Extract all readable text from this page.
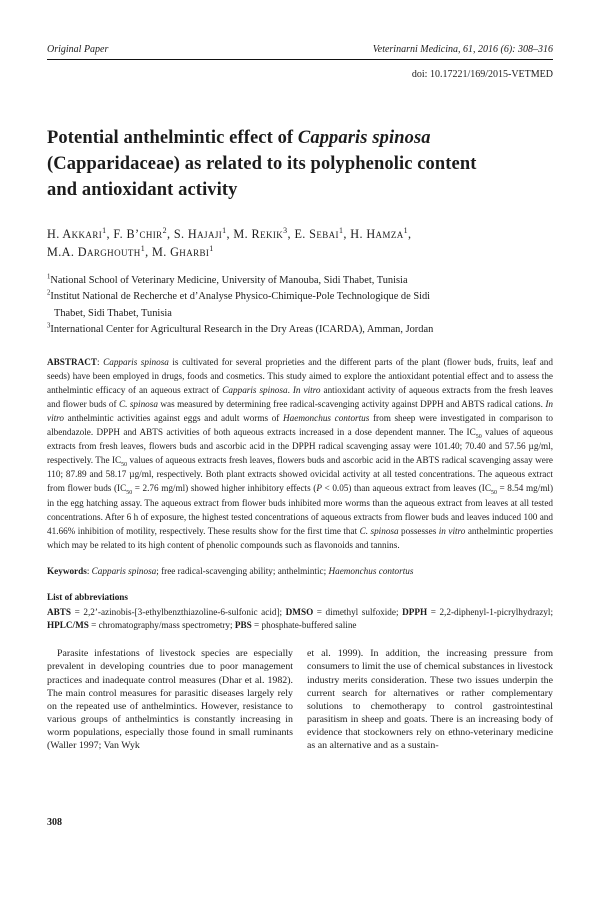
Original Paper	Veterinarni Medicina, 61, 2016 (6): 308–316
doi: 10.17221/169/2015-VETMED
Potential anthelmintic effect of Capparis spinosa
(Capparidaceae) as related to its polyphenolic content
and antioxidant activity

H. Akkari$^1$, F. B’chir$^2$, S. Hajaji$^1$, M. Rekik$^3$, E. Sebai$^1$, H. Hamza$^1$,
M.A. Darghouth$^1$, M. Gharbi$^1$

$^1$National School of Veterinary Medicine, University of Manouba, Sidi Thabet, Tunisia

$^2$Institut National de Recherche et d’Analyse Physico-Chimique-Pole Technologique de Sidi
Thabet, Sidi Thabet, Tunisia

$^3$International Center for Agricultural Research in the Dry Areas (ICARDA), Amman, Jordan

ABSTRACT: Capparis spinosa is cultivated for several proprieties and the different parts of the plant (flower buds, fruits, leaf and seeds) have been employed in drugs, foods and cosmetics. This study aimed to explore the antioxidant potential effect and to assess the anthelmintic efficacy of an aqueous extract of Capparis spinosa. In vitro antioxidant activity of aqueous extracts from the fresh leaves and flower buds of C. spinosa was measured by determining free radical-scavenging activity against DPPH and ABTS radical cations. In vitro anthelmintic activities against eggs and adult worms of Haemonchus contortus from sheep were investigated in comparison to albendazole. DPPH and ABTS activities of both aqueous extracts increased in a dose dependent manner. The $IC_{50}$ values of aqueous extracts from fresh leaves, flowers buds and ascorbic acid in the DPPH radical scavenging assay were 101.40; 70.40 and 57.56 µg/ml, respectively. The $IC_{50}$ values of aqueous extracts fresh leaves, flowers buds and ascorbic acid in the ABTS radical scavenging assay were 110; 87.89 and 58.17 µg/ml, respectively. Both plant extracts showed ovicidal activity at all tested concentrations. The aqueous extract from flower buds ($IC_{50} = 2.76$ mg/ml) showed higher inhibitory effects (P < 0.05) than aqueous extract from leaves ($IC_{50} = 8.54$ mg/ml) in the egg hatching assay. The aqueous extract from flower buds inhibited more worms than the aqueous extract from leaves at all tested concentrations. After 6 h of exposure, the highest tested concentrations of aqueous extracts from flower buds and leaves induced 100 and 41.66% inhibition of motility, respectively. These results show for the first time that C. spinosa possesses in vitro anthelmintic properties which may be related to its high content of phenolic compounds such as flavonoids and tannins.

Keywords: Capparis spinosa; free radical-scavenging ability; anthelmintic; Haemonchus contortus

List of abbreviations

ABTS = 2,2’-azinobis-[3-ethylbenzthiazoline-6-sulfonic acid]; DMSO = dimethyl sulfoxide; DPPH = 2,2-diphenyl-1-picrylhydrazyl; HPLC/MS = chromatography/mass spectrometry; PBS = phosphate-buffered saline

Parasite infestations of livestock species are especially prevalent in developing countries due to poor management practices and inadequate control measures (Dhar et al. 1982). The main control measures for parasitic diseases largely rely on the repeated use of anthelmintics. However, resistance to various groups of anthelmintics is constantly increasing in worm populations, especially those found in small ruminants (Waller 1997; Van Wyk

et al. 1999). In addition, the increasing pressure from consumers to limit the use of chemical substances in livestock industry merits consideration. These two issues underpin the current search for alternatives or rather complementary solutions to chemotherapy to control gastrointestinal parasitism in sheep and goats. There is an increasing body of evidence that stockowners rely on ethno-veterinary medicine as an alternative and as a sustain-

308
